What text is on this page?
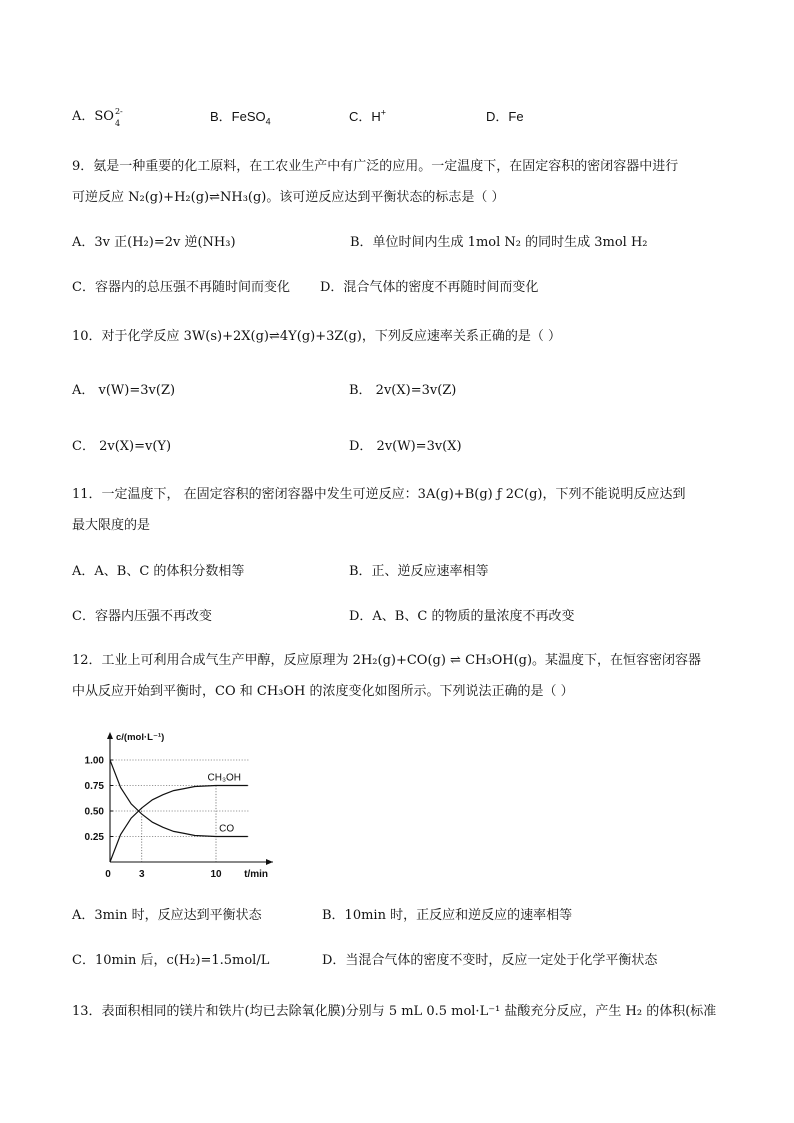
A．SO 2-
4	B．FeSO$_4$	C．H+	D．Fe
9．氨是一种重要的化工原料，在工农业生产中有广泛的应用。一定温度下，在固定容积的密闭容器中进行
可逆反应 N₂(g)+H₂(g)⇌NH₃(g)。该可逆反应达到平衡状态的标志是（ ）
A．3v 正(H₂)=2v 逆(NH₃)	B．单位时间内生成 1mol N₂ 的同时生成 3mol H₂
C．容器内的总压强不再随时间而变化 D．混合气体的密度不再随时间而变化
10．对于化学反应 3W(s)+2X(g)⇌4Y(g)+3Z(g)，下列反应速率关系正确的是（ ）
A． v(W)=3v(Z)	B． 2v(X)=3v(Z)
C． 2v(X)=v(Y)	D． 2v(W)=3v(X)
11．一定温度下， 在固定容积的密闭容器中发生可逆反应：3A(g)+B(g) ƒ 2C(g)，下列不能说明反应达到
最大限度的是
A．A、B、C 的体积分数相等	B．正、逆反应速率相等
C．容器内压强不再改变	D．A、B、C 的物质的量浓度不再改变
12．工业上可利用合成气生产甲醇，反应原理为 2H₂(g)+CO(g) ⇌ CH₃OH(g)。某温度下，在恒容密闭容器
中从反应开始到平衡时，CO 和 CH₃OH 的浓度变化如图所示。下列说法正确的是（ ）
1.00
0.75
0.50
0.25
0	3	10
c/(mol·L⁻¹)
t/min
CH₃OH
CO
A．3min 时，反应达到平衡状态	B．10min 时，正反应和逆反应的速率相等
C．10min 后，c(H₂)=1.5mol/L	D．当混合气体的密度不变时，反应一定处于化学平衡状态
13．表面积相同的镁片和铁片(均已去除氧化膜)分别与 5 mL 0.5 mol·L⁻¹ 盐酸充分反应，产生 H₂ 的体积(标准
